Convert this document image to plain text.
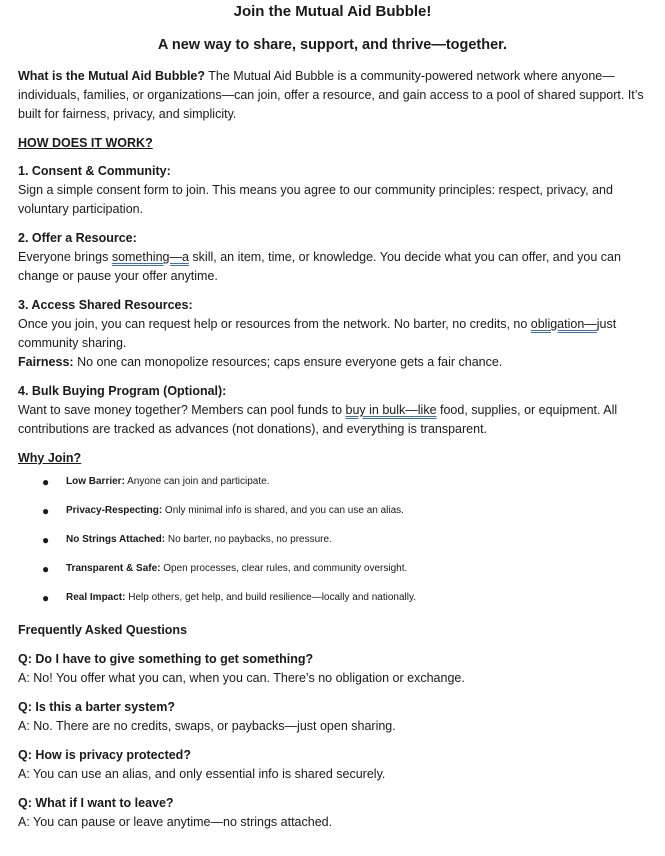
Join the Mutual Aid Bubble!
A new way to share, support, and thrive—together.

What is the Mutual Aid Bubble? The Mutual Aid Bubble is a community-powered network where anyone—individuals, families, or organizations—can join, offer a resource, and gain access to a pool of shared support. It’s built for fairness, privacy, and simplicity.

HOW DOES IT WORK?

1. Consent & Community:

Sign a simple consent form to join. This means you agree to our community principles: respect, privacy, and voluntary participation.

2. Offer a Resource:

Everyone brings something—a skill, an item, time, or knowledge. You decide what you can offer, and you can change or pause your offer anytime.

3. Access Shared Resources:

Once you join, you can request help or resources from the network. No barter, no credits, no obligation—just community sharing.

Fairness: No one can monopolize resources; caps ensure everyone gets a fair chance.

4. Bulk Buying Program (Optional):

Want to save money together? Members can pool funds to buy in bulk—like food, supplies, or equipment. All contributions are tracked as advances (not donations), and everything is transparent.

Why Join?

● Low Barrier: Anyone can join and participate.
● Privacy-Respecting: Only minimal info is shared, and you can use an alias.
● No Strings Attached: No barter, no paybacks, no pressure.
● Transparent & Safe: Open processes, clear rules, and community oversight.
● Real Impact: Help others, get help, and build resilience—locally and nationally.

Frequently Asked Questions

Q: Do I have to give something to get something?

A: No! You offer what you can, when you can. There’s no obligation or exchange.

Q: Is this a barter system?

A: No. There are no credits, swaps, or paybacks—just open sharing.

Q: How is privacy protected?

A: You can use an alias, and only essential info is shared securely.

Q: What if I want to leave?

A: You can pause or leave anytime—no strings attached.
